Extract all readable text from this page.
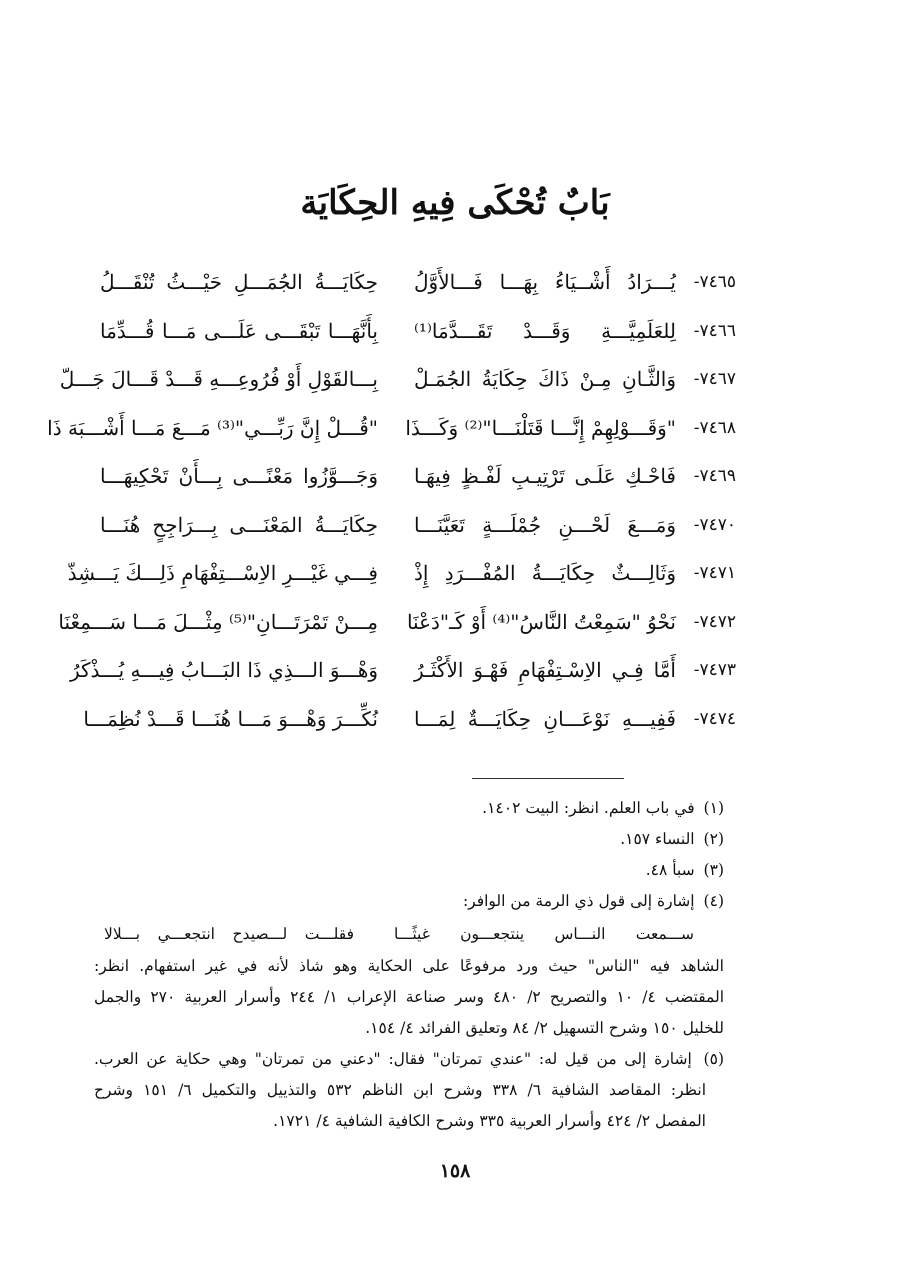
بَابٌ تُحْكَى فِيهِ الحِكَايَة
٧٤٦٥-
يُـــرَادُ أَشْــيَاءُ بِهَـــا فَـــالأَوَّلُ
حِكَايَـــةُ الجُمَـــلِ حَيْـــثُ تُنْقَـــلُ
٧٤٦٦-
لِلعَلَمِيَّـــةِ وَقَـــدْ تَقَـــدَّمَا⁽¹⁾
بِأَنَّهَـــا تَبْقَـــى عَلَـــى مَـــا قُـــدِّمَا
٧٤٦٧-
وَالثَّـانِ مِـنْ ذَاكَ حِكَايَةُ الجُمَـلْ
بِـــالقَوْلِ أَوْ فُرُوعِـــهِ قَـــدْ قَـــالَ جَـــلّ
٧٤٦٨-
"وَقَـــوْلِهِمْ إِنَّـــا قَتَلْنَـــا"⁽²⁾ وَكَـــذَا
"قُـــلْ إِنَّ رَبِّـــي"⁽³⁾ مَـــعَ مَـــا أَشْـــبَهَ ذَا
٧٤٦٩-
فَاحْـكِ عَلَـى تَرْتِيـبِ لَفْـظٍ فِيهَـا
وَجَـــوَّزُوا مَعْنًـــى بِـــأَنْ تَحْكِيهَـــا
٧٤٧٠-
وَمَـــعَ لَحْـــنِ جُمْلَـــةٍ تَعَيَّنَـــا
حِكَايَـــةُ المَعْنَـــى بِـــرَاجِحٍ هُنَـــا
٧٤٧١-
وَثَالِـــثٌ حِكَايَـــةُ المُفْـــرَدِ إِذْ
فِـــي غَيْـــرِ الاِسْـــتِفْهَامِ ذَلِـــكَ يَـــشِذّ
٧٤٧٢-
نَحْوُ "سَمِعْتُ النَّاسُ"⁽⁴⁾ أَوْ كَـ"دَعْنَا
مِـــنْ تَمْرَتَـــانِ"⁽⁵⁾ مِثْـــلَ مَـــا سَـــمِعْنَا
٧٤٧٣-
أَمَّا فِـي الاِسْـتِفْهَامِ فَهْـوَ الأَكْثَـرُ
وَهْـــوَ الـــذِي ذَا البَـــابُ فِيـــهِ يُـــذْكَرُ
٧٤٧٤-
فَفِيـــهِ نَوْعَـــانِ حِكَايَـــةٌ لِمَـــا
نُكِّـــرَ وَهْـــوَ مَـــا هُنَـــا قَـــدْ نُظِمَـــا
(١) في باب العلم. انظر: البيت ١٤٠٢.
(٢) النساء ١٥٧.
(٣) سبأ ٤٨.
(٤) إشارة إلى قول ذي الرمة من الوافر:
ســـمعت النـــاس ينتجعـــون غيثًـــا
فقلـــت لـــصيدح انتجعـــي بـــلالا
الشاهد فيه "الناس" حيث ورد مرفوعًا على الحكاية وهو شاذ لأنه في غير استفهام. انظر:
المقتضب ٤/ ١٠ والتصريح ٢/ ٤٨٠ وسر صناعة الإعراب ١/ ٢٤٤ وأسرار العربية ٢٧٠ والجمل
للخليل ١٥٠ وشرح التسهيل ٢/ ٨٤ وتعليق الفرائد ٤/ ١٥٤.
(٥) إشارة إلى من قيل له: "عندي تمرتان" فقال: "دعني من تمرتان" وهي حكاية عن العرب.
انظر: المقاصد الشافية ٦/ ٣٣٨ وشرح ابن الناظم ٥٣٢ والتذييل والتكميل ٦/ ١٥١ وشرح
المفصل ٢/ ٤٢٤ وأسرار العربية ٣٣٥ وشرح الكافية الشافية ٤/ ١٧٢١.
١٥٨
